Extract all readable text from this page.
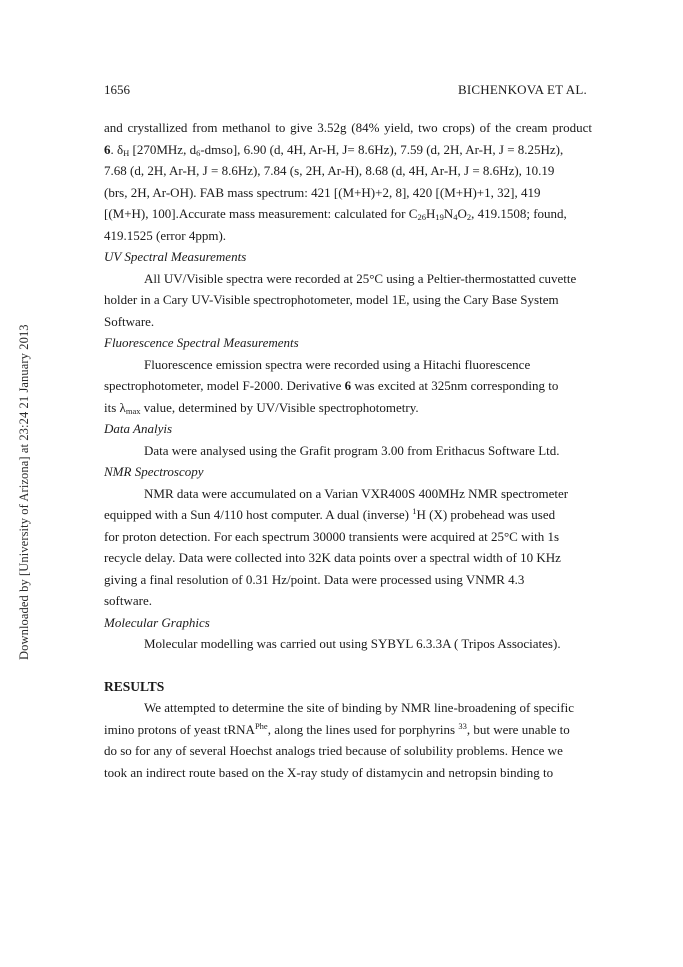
Downloaded by [University of Arizona] at 23:24 21 January 2013
1656	BICHENKOVA ET AL.
and crystallized from methanol to give 3.52g (84% yield, two crops) of the cream product
6. $\delta_H$ [270MHz, $d_6-dmso$], 6.90 (d, 4H, Ar-H, J= 8.6Hz), 7.59 (d, 2H, Ar-H, J = 8.25Hz),
7.68 (d, 2H, Ar-H, J = 8.6Hz), 7.84 (s, 2H, Ar-H), 8.68 (d, 4H, Ar-H, J = 8.6Hz), 10.19
(brs, 2H, Ar-OH). FAB mass spectrum: 421 [(M+H)+2, 8], 420 [(M+H)+1, 32], 419
[(M+H), 100].Accurate mass measurement: calculated for $C_{26}H_{19}N_4O_2$, 419.1508; found,
419.1525 (error 4ppm).
UV Spectral Measurements
All UV/Visible spectra were recorded at 25°C using a Peltier-thermostatted cuvette
holder in a Cary UV-Visible spectrophotometer, model 1E, using the Cary Base System
Software.
Fluorescence Spectral Measurements
Fluorescence emission spectra were recorded using a Hitachi fluorescence
spectrophotometer, model F-2000. Derivative 6 was excited at 325nm corresponding to
its $\lambda_{max}$ value, determined by UV/Visible spectrophotometry.
Data Analyis
Data were analysed using the Grafit program 3.00 from Erithacus Software Ltd.
NMR Spectroscopy
NMR data were accumulated on a Varian VXR400S 400MHz NMR spectrometer
equipped with a Sun 4/110 host computer. A dual (inverse) $^1$H (X) probehead was used
for proton detection. For each spectrum 30000 transients were acquired at 25°C with 1s
recycle delay. Data were collected into 32K data points over a spectral width of 10 KHz
giving a final resolution of 0.31 Hz/point. Data were processed using VNMR 4.3
software.
Molecular Graphics
Molecular modelling was carried out using SYBYL 6.3.3A ( Tripos Associates).
RESULTS
We attempted to determine the site of binding by NMR line-broadening of specific
imino protons of yeast tRNA$^{Phe}$, along the lines used for porphyrins $^{33}$, but were unable to
do so for any of several Hoechst analogs tried because of solubility problems. Hence we
took an indirect route based on the X-ray study of distamycin and netropsin binding to
